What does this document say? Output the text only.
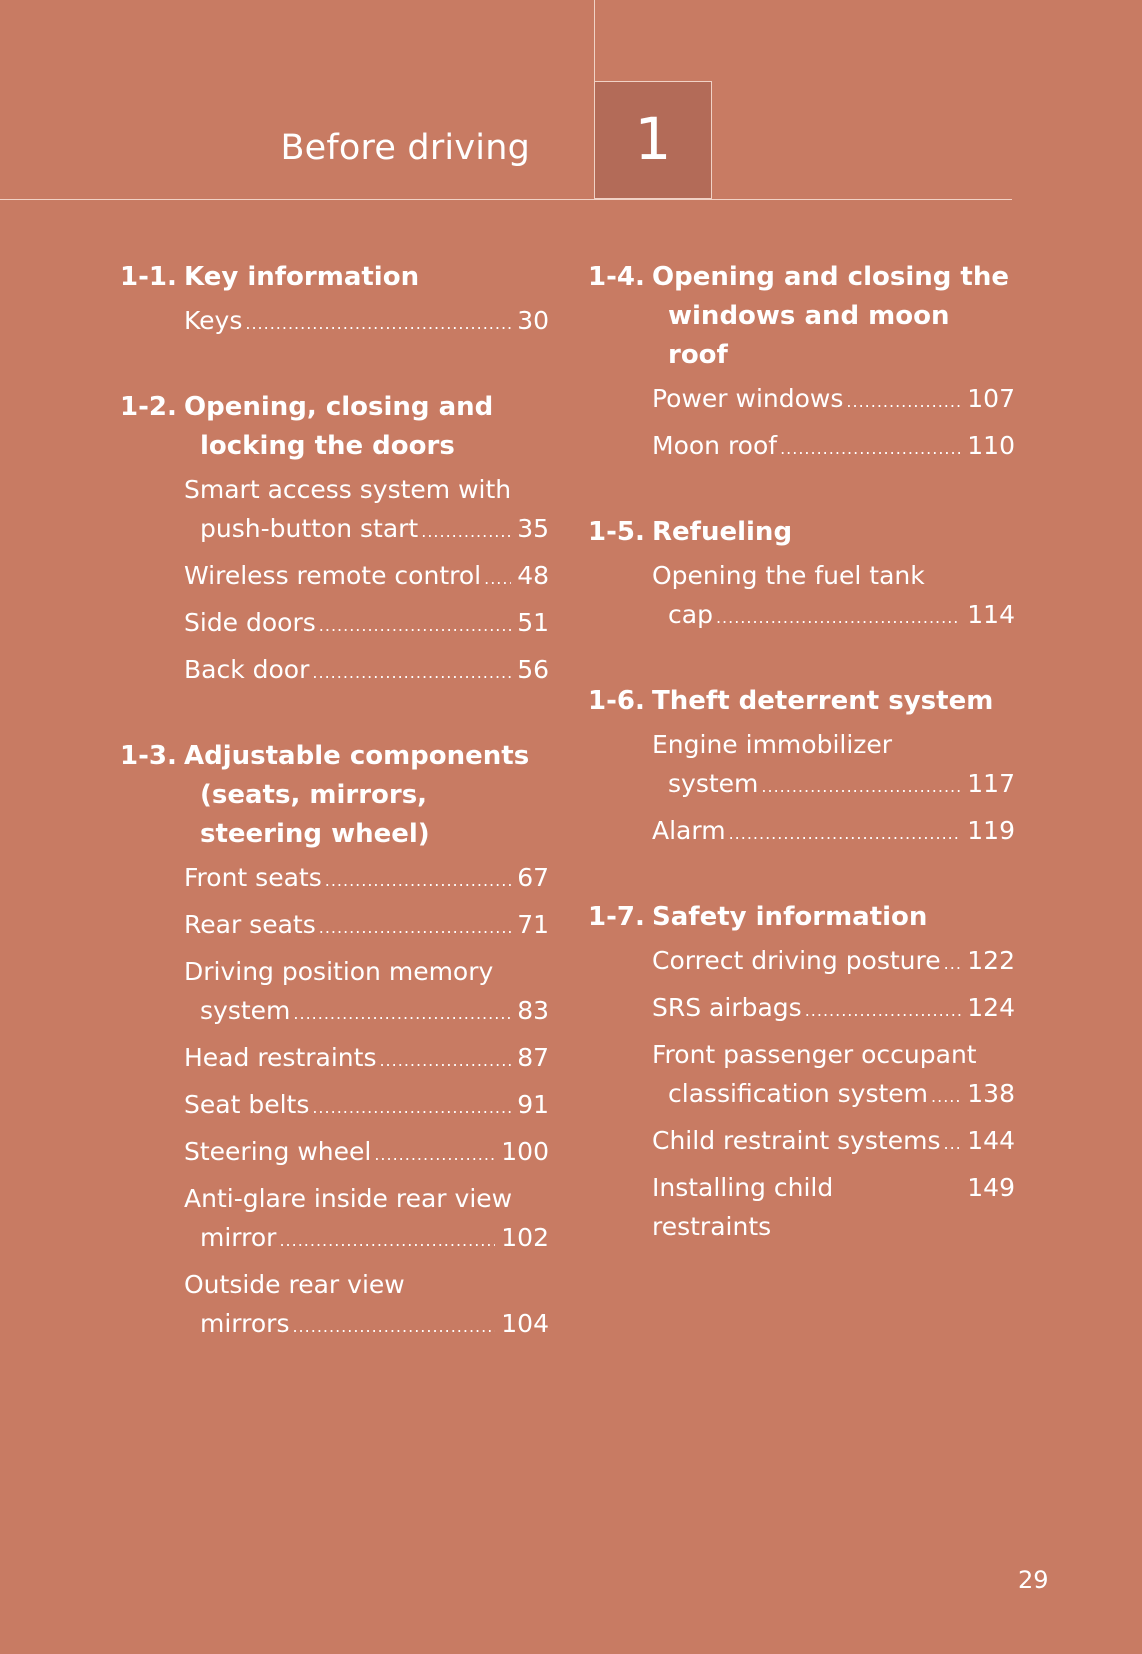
Before driving	1
1-1. Key information
Keys .....	30
1-2. Opening, closing and locking the doors
Smart access system with
push-button start .....	35
Wireless remote control ..... 48
Side doors .....	51
Back door .....	56
1-3. Adjustable components (seats, mirrors, steering wheel)
Front seats .....	67
Rear seats .....	71
Driving position memory
system .....	83
Head restraints .....	87
Seat belts .....	91
Steering wheel .....	100
Anti-glare inside rear view
mirror .....	102
Outside rear view
mirrors .....	104
1-4. Opening and closing the windows and moon roof
Power windows .....	107
Moon roof .....	110
1-5. Refueling
Opening the fuel tank
cap .....	114
1-6. Theft deterrent system
Engine immobilizer
system .....	117
Alarm .....	119
1-7. Safety information
Correct driving posture ..... 122
SRS airbags .....	124
Front passenger occupant
classification system ..... 138
Child restraint systems ..... 144
Installing child restraints
149
29
